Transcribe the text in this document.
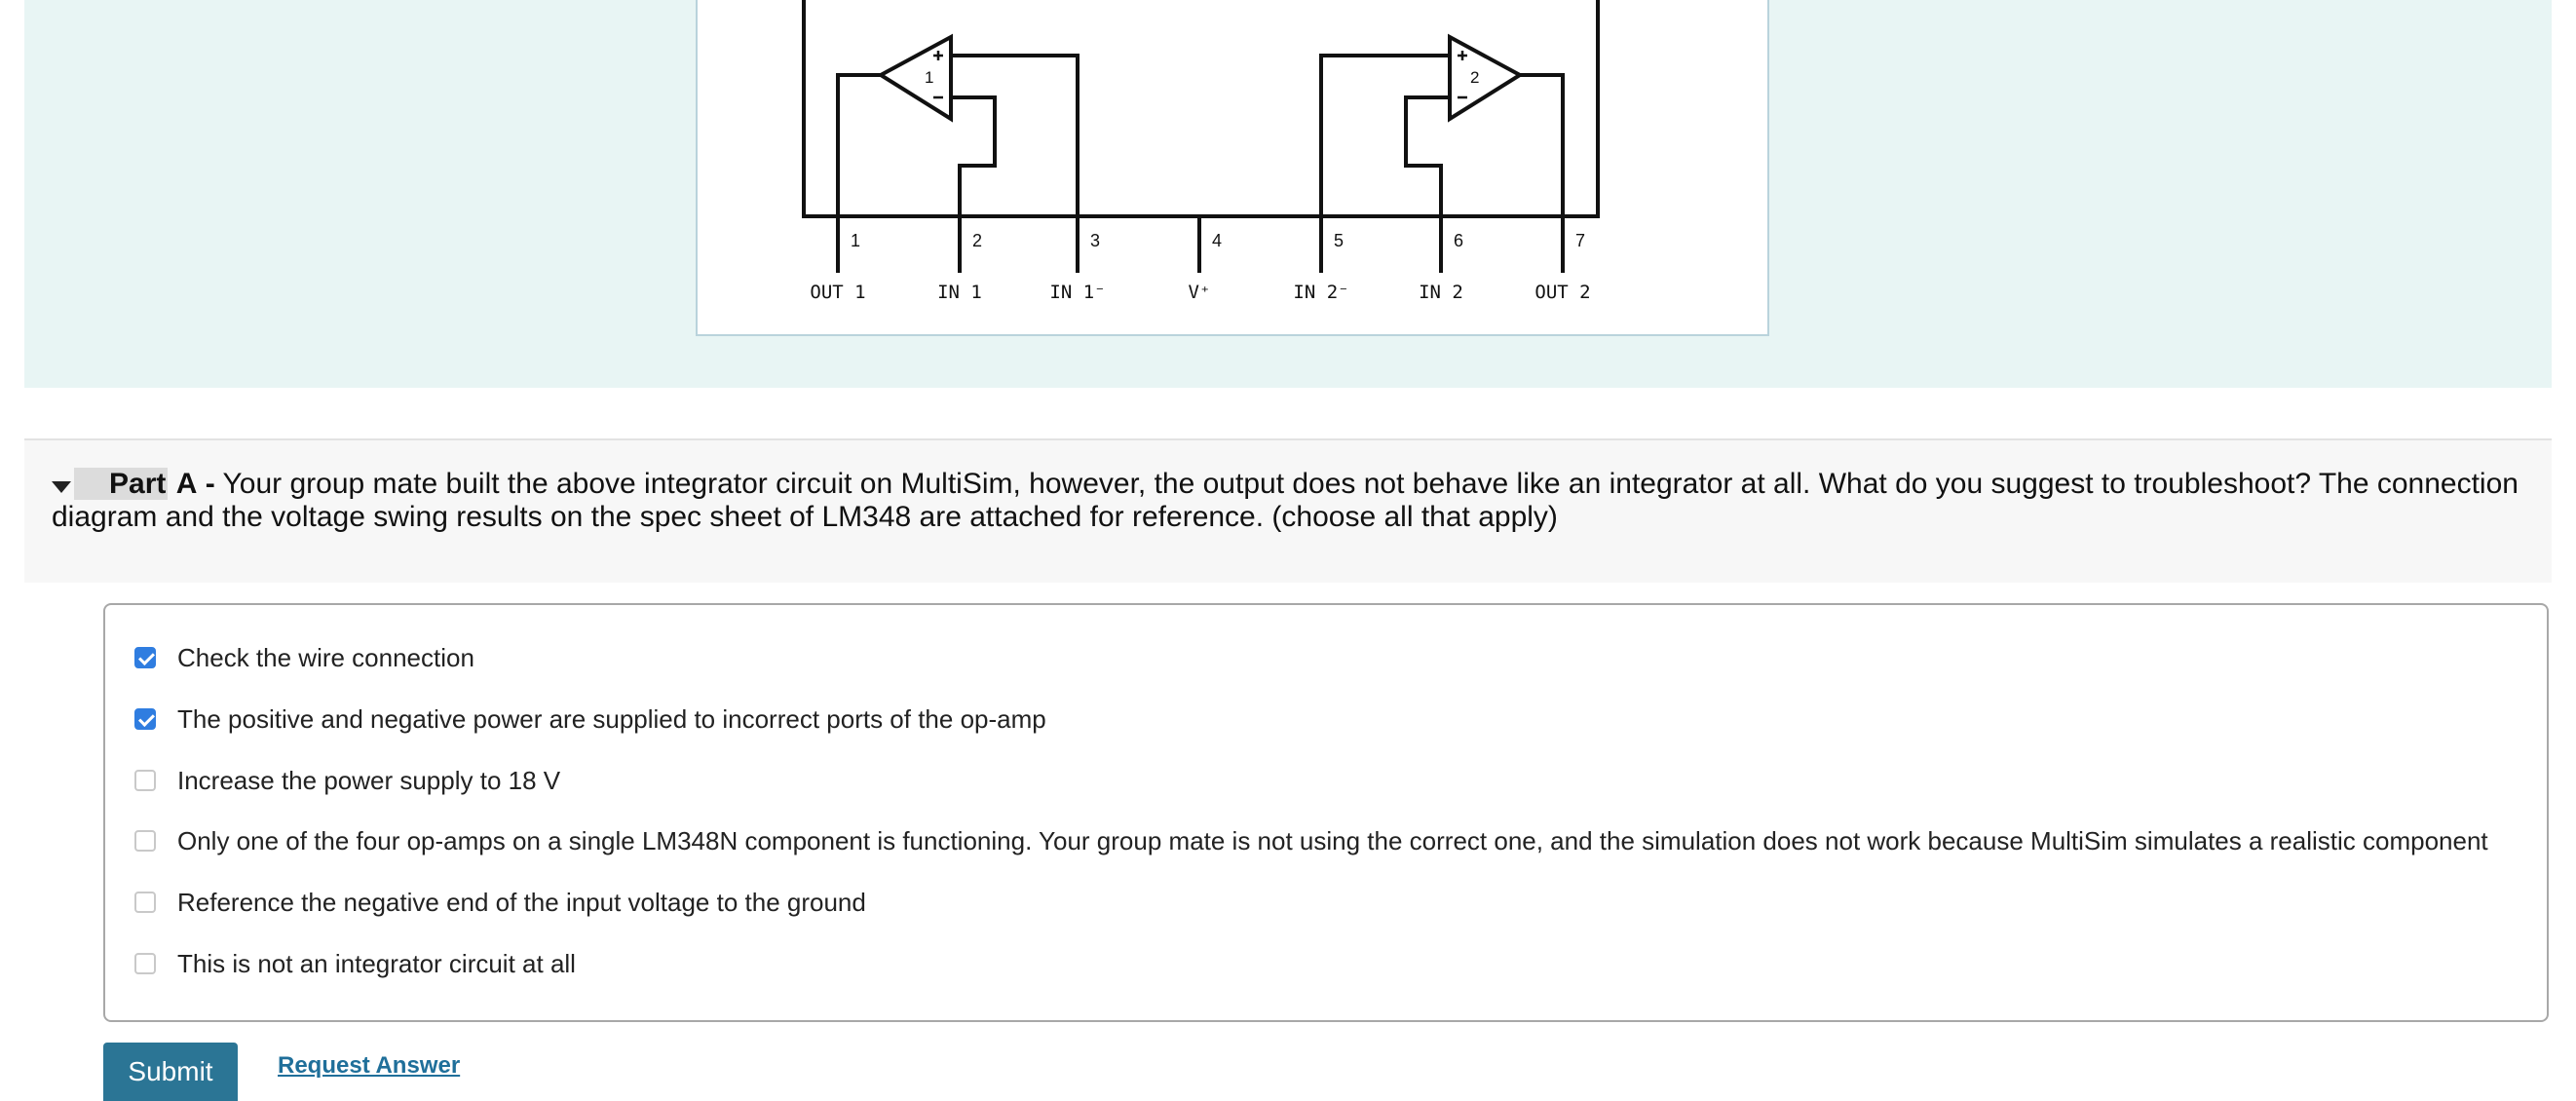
1	2
1	2	3	4	5	6	7
OUT 1	IN 1	IN 1⁻	V⁺	IN 2⁻	IN 2	OUT 2
Part A - Your group mate built the above integrator circuit on MultiSim, however, the output does not behave like an integrator at all. What do you suggest to troubleshoot? The connection diagram and the voltage swing results on the spec sheet of LM348 are attached for reference. (choose all that apply)
Check the wire connection
The positive and negative power are supplied to incorrect ports of the op-amp
Increase the power supply to 18 V
Only one of the four op-amps on a single LM348N component is functioning. Your group mate is not using the correct one, and the simulation does not work because MultiSim simulates a realistic component
Reference the negative end of the input voltage to the ground
This is not an integrator circuit at all
Submit	Request Answer
